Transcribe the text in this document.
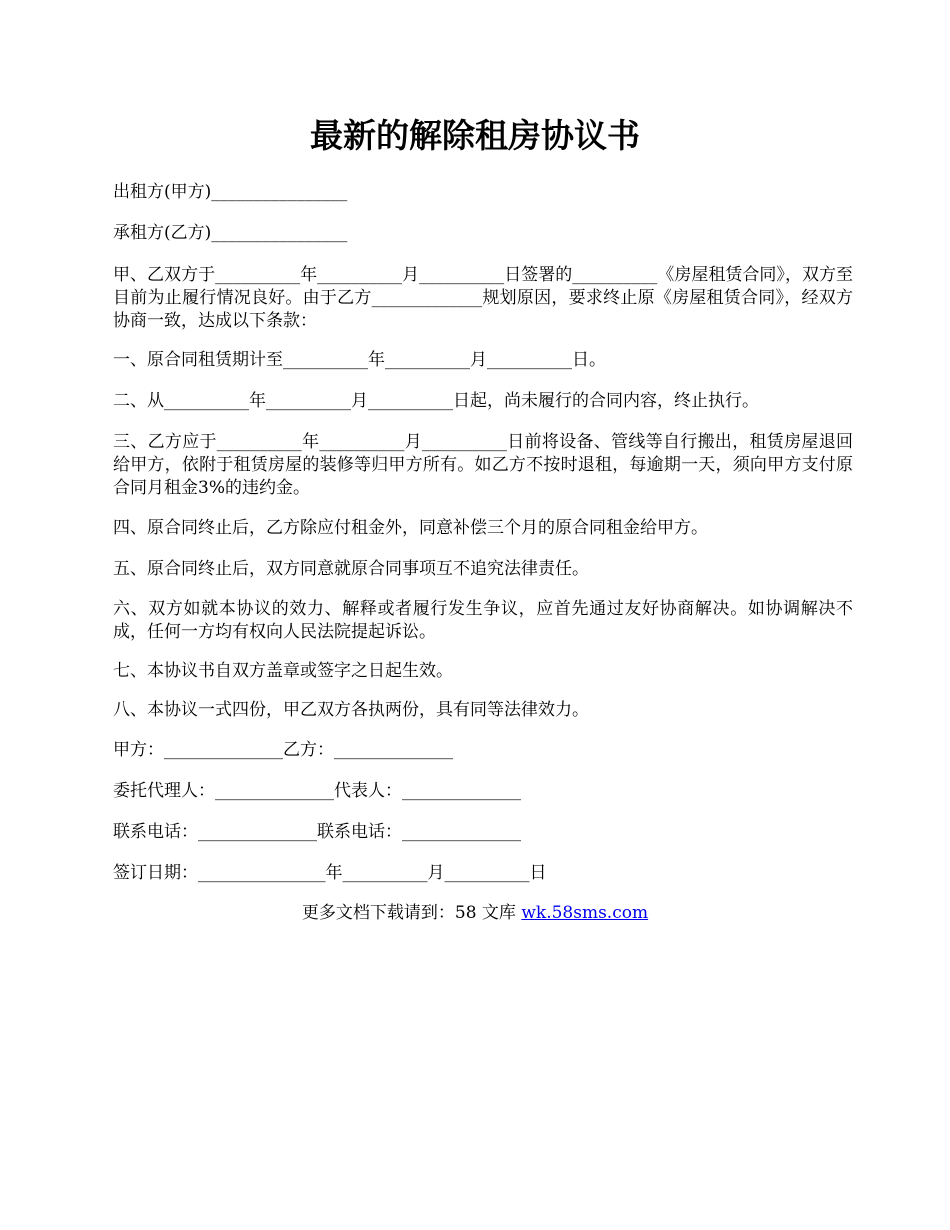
最新的解除租房协议书

出租方(甲方)________________

承租方(乙方)________________

甲、乙双方于__________年__________月__________日签署的__________《房屋租赁合同》，双方至目前为止履行情况良好。由于乙方_____________规划原因，要求终止原《房屋租赁合同》，经双方协商一致，达成以下条款：

一、原合同租赁期计至__________年__________月__________日。

二、从__________年__________月__________日起，尚未履行的合同内容，终止执行。

三、乙方应于__________年__________月__________日前将设备、管线等自行搬出，租赁房屋退回给甲方，依附于租赁房屋的装修等归甲方所有。如乙方不按时退租，每逾期一天，须向甲方支付原合同月租金3%的违约金。

四、原合同终止后，乙方除应付租金外，同意补偿三个月的原合同租金给甲方。

五、原合同终止后，双方同意就原合同事项互不追究法律责任。

六、双方如就本协议的效力、解释或者履行发生争议，应首先通过友好协商解决。如协调解决不成，任何一方均有权向人民法院提起诉讼。

七、本协议书自双方盖章或签字之日起生效。

八、本协议一式四份，甲乙双方各执两份，具有同等法律效力。

甲方：______________乙方：______________

委托代理人：______________代表人：______________

联系电话：______________联系电话：______________

签订日期：_______________年__________月__________日

更多文档下载请到：58 文库 wk.58sms.com
